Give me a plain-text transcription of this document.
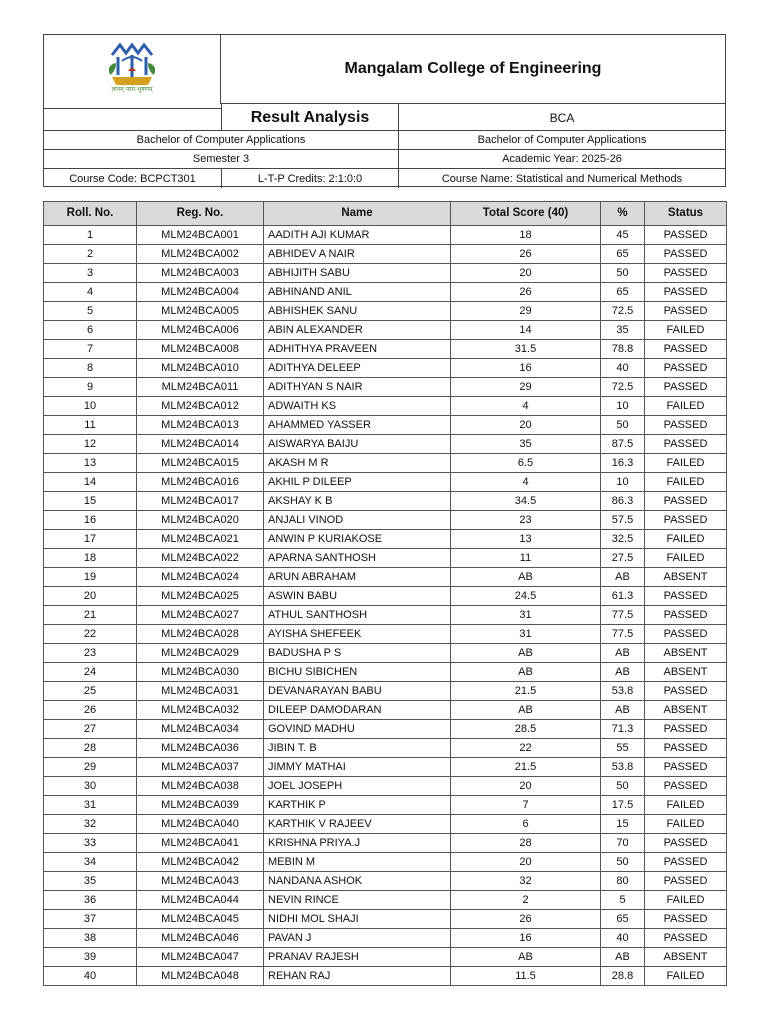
ज्ञानम् परमं भूषणम्
Mangalam College of Engineering
Result Analysis	BCA
Bachelor of Computer Applications	Bachelor of Computer Applications
Semester 3	Academic Year: 2025-26
Course Code: BCPCT301	L-T-P Credits: 2:1:0:0	Course Name: Statistical and Numerical Methods
Roll. No.	Reg. No.	Name	Total Score (40)	%	Status
1	MLM24BCA001	AADITH AJI KUMAR	18	45	PASSED
2	MLM24BCA002	ABHIDEV A NAIR	26	65	PASSED
3	MLM24BCA003	ABHIJITH SABU	20	50	PASSED
4	MLM24BCA004	ABHINAND ANIL	26	65	PASSED
5	MLM24BCA005	ABHISHEK SANU	29	72.5	PASSED
6	MLM24BCA006	ABIN ALEXANDER	14	35	FAILED
7	MLM24BCA008	ADHITHYA PRAVEEN	31.5	78.8	PASSED
8	MLM24BCA010	ADITHYA DELEEP	16	40	PASSED
9	MLM24BCA011	ADITHYAN S NAIR	29	72.5	PASSED
10	MLM24BCA012	ADWAITH KS	4	10	FAILED
11	MLM24BCA013	AHAMMED YASSER	20	50	PASSED
12	MLM24BCA014	AISWARYA BAIJU	35	87.5	PASSED
13	MLM24BCA015	AKASH M R	6.5	16.3	FAILED
14	MLM24BCA016	AKHIL P DILEEP	4	10	FAILED
15	MLM24BCA017	AKSHAY K B	34.5	86.3	PASSED
16	MLM24BCA020	ANJALI VINOD	23	57.5	PASSED
17	MLM24BCA021	ANWIN P KURIAKOSE	13	32.5	FAILED
18	MLM24BCA022	APARNA SANTHOSH	11	27.5	FAILED
19	MLM24BCA024	ARUN ABRAHAM	AB	AB	ABSENT
20	MLM24BCA025	ASWIN BABU	24.5	61.3	PASSED
21	MLM24BCA027	ATHUL SANTHOSH	31	77.5	PASSED
22	MLM24BCA028	AYISHA SHEFEEK	31	77.5	PASSED
23	MLM24BCA029	BADUSHA P S	AB	AB	ABSENT
24	MLM24BCA030	BICHU SIBICHEN	AB	AB	ABSENT
25	MLM24BCA031	DEVANARAYAN BABU	21.5	53.8	PASSED
26	MLM24BCA032	DILEEP DAMODARAN	AB	AB	ABSENT
27	MLM24BCA034	GOVIND MADHU	28.5	71.3	PASSED
28	MLM24BCA036	JIBIN T. B	22	55	PASSED
29	MLM24BCA037	JIMMY MATHAI	21.5	53.8	PASSED
30	MLM24BCA038	JOEL JOSEPH	20	50	PASSED
31	MLM24BCA039	KARTHIK P	7	17.5	FAILED
32	MLM24BCA040	KARTHIK V RAJEEV	6	15	FAILED
33	MLM24BCA041	KRISHNA PRIYA.J	28	70	PASSED
34	MLM24BCA042	MEBIN M	20	50	PASSED
35	MLM24BCA043	NANDANA ASHOK	32	80	PASSED
36	MLM24BCA044	NEVIN RINCE	2	5	FAILED
37	MLM24BCA045	NIDHI MOL SHAJI	26	65	PASSED
38	MLM24BCA046	PAVAN J	16	40	PASSED
39	MLM24BCA047	PRANAV RAJESH	AB	AB	ABSENT
40	MLM24BCA048	REHAN RAJ	11.5	28.8	FAILED
